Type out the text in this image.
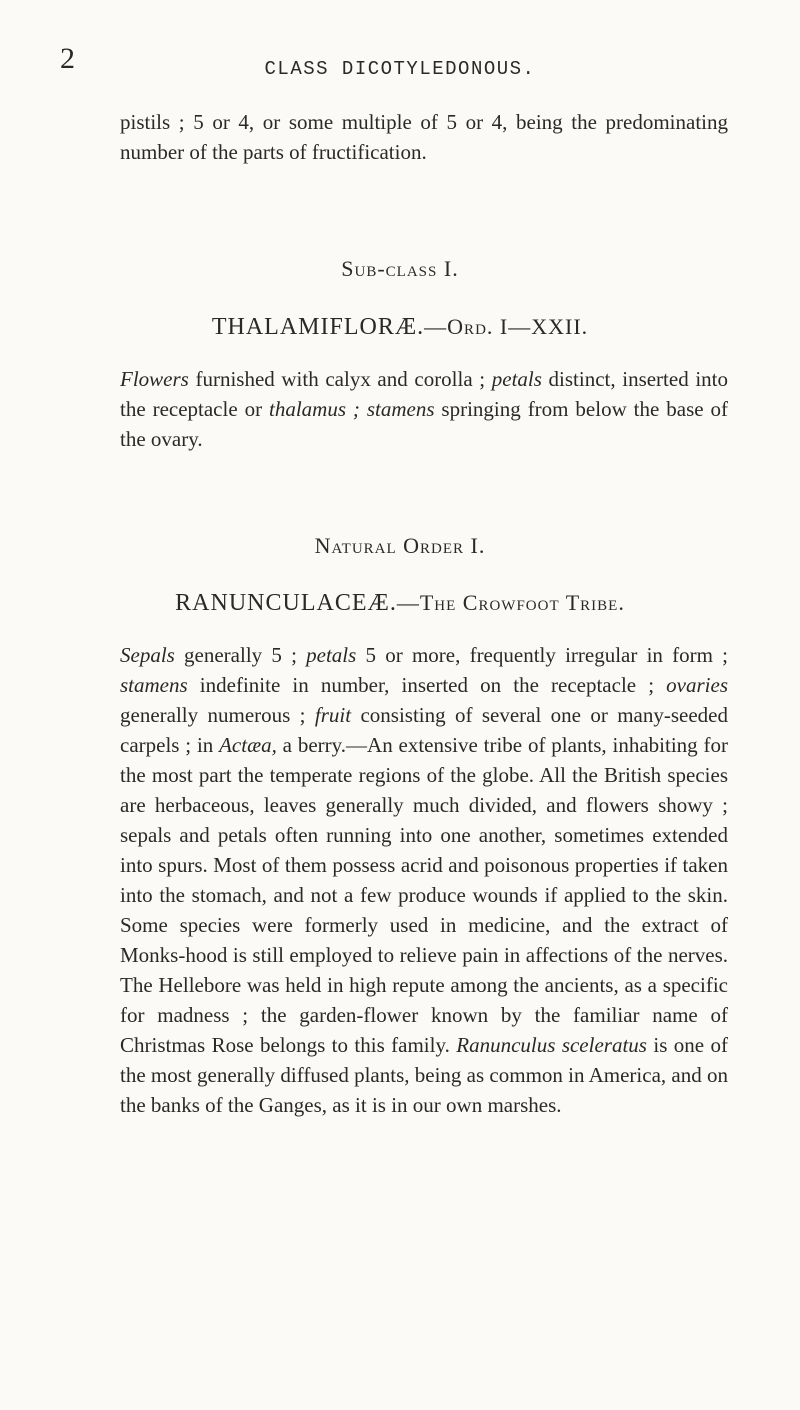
2	CLASS DICOTYLEDONOUS.

pistils ; 5 or 4, or some multiple of 5 or 4, being the predominating number of the parts of fructification.

Sub-class I.
THALAMIFLORÆ.—Ord. I—XXII.

Flowers furnished with calyx and corolla ; petals distinct, inserted into the receptacle or thalamus ; stamens springing from below the base of the ovary.

Natural Order I.
RANUNCULACEÆ.—The Crowfoot Tribe.

Sepals generally 5 ; petals 5 or more, frequently irregular in form ; stamens indefinite in number, inserted on the receptacle ; ovaries generally numerous ; fruit consisting of several one or many-seeded carpels ; in Actæa, a berry.—An extensive tribe of plants, inhabiting for the most part the temperate regions of the globe. All the British species are herbaceous, leaves generally much divided, and flowers showy ; sepals and petals often running into one another, sometimes extended into spurs. Most of them possess acrid and poisonous properties if taken into the stomach, and not a few produce wounds if applied to the skin. Some species were formerly used in medicine, and the extract of Monks-hood is still employed to relieve pain in affections of the nerves. The Hellebore was held in high repute among the ancients, as a specific for madness ; the garden-flower known by the familiar name of Christmas Rose belongs to this family. Ranunculus sceleratus is one of the most generally diffused plants, being as common in America, and on the banks of the Ganges, as it is in our own marshes.
